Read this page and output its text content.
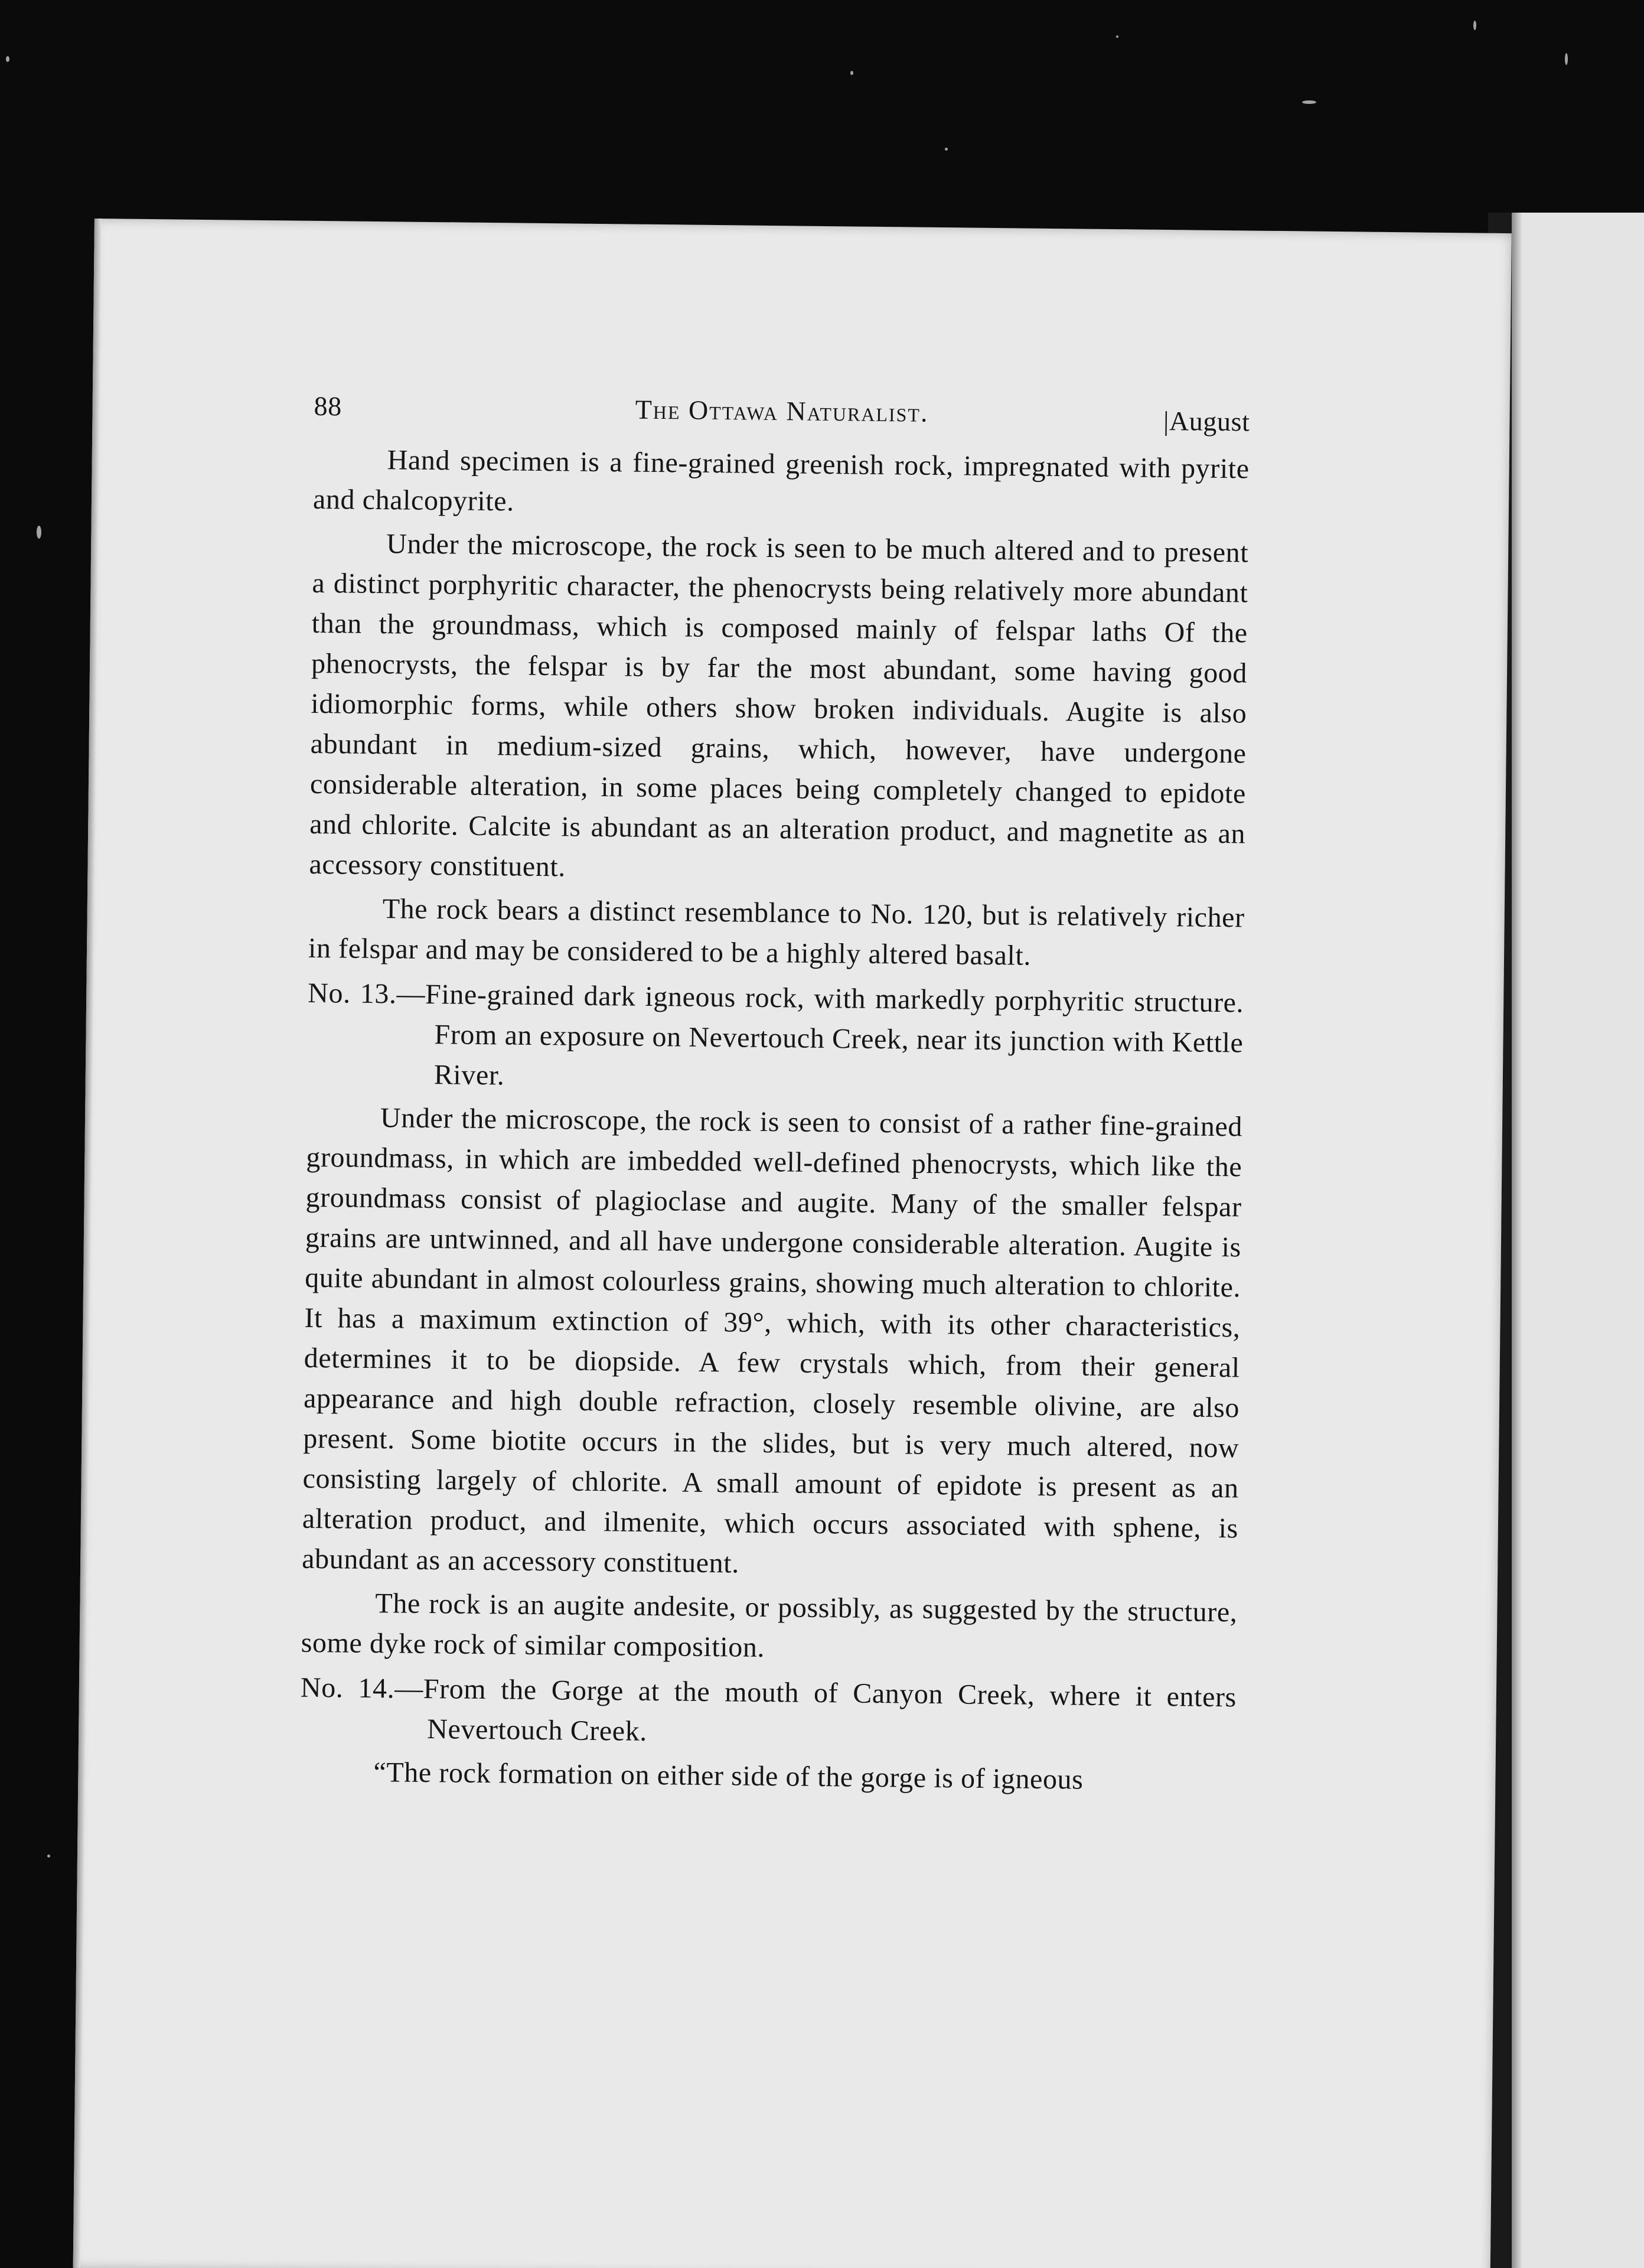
88	The Ottawa Naturalist.	|August

Hand specimen is a fine-grained greenish rock, impregnated with pyrite and chalcopyrite.

Under the microscope, the rock is seen to be much altered and to present a distinct porphyritic character, the phenocrysts being relatively more abundant than the groundmass, which is composed mainly of felspar laths Of the phenocrysts, the felspar is by far the most abundant, some having good idiomorphic forms, while others show broken individuals. Augite is also abundant in medium-sized grains, which, however, have undergone considerable alteration, in some places being completely changed to epidote and chlorite. Calcite is abundant as an alteration product, and magnetite as an accessory constituent.

The rock bears a distinct resemblance to No. 120, but is relatively richer in felspar and may be considered to be a highly altered basalt.

No. 13.—Fine-grained dark igneous rock, with markedly porphyritic structure. From an exposure on Nevertouch Creek, near its junction with Kettle River.

Under the microscope, the rock is seen to consist of a rather fine-grained groundmass, in which are imbedded well-defined phenocrysts, which like the groundmass consist of plagioclase and augite. Many of the smaller felspar grains are untwinned, and all have undergone considerable alteration. Augite is quite abundant in almost colourless grains, showing much alteration to chlorite. It has a maximum extinction of 39°, which, with its other characteristics, determines it to be diopside. A few crystals which, from their general appearance and high double refraction, closely resemble olivine, are also present. Some biotite occurs in the slides, but is very much altered, now consisting largely of chlorite. A small amount of epidote is present as an alteration product, and ilmenite, which occurs associated with sphene, is abundant as an accessory constituent.

The rock is an augite andesite, or possibly, as suggested by the structure, some dyke rock of similar composition.

No. 14.—From the Gorge at the mouth of Canyon Creek, where it enters Nevertouch Creek.

“The rock formation on either side of the gorge is of igneous
